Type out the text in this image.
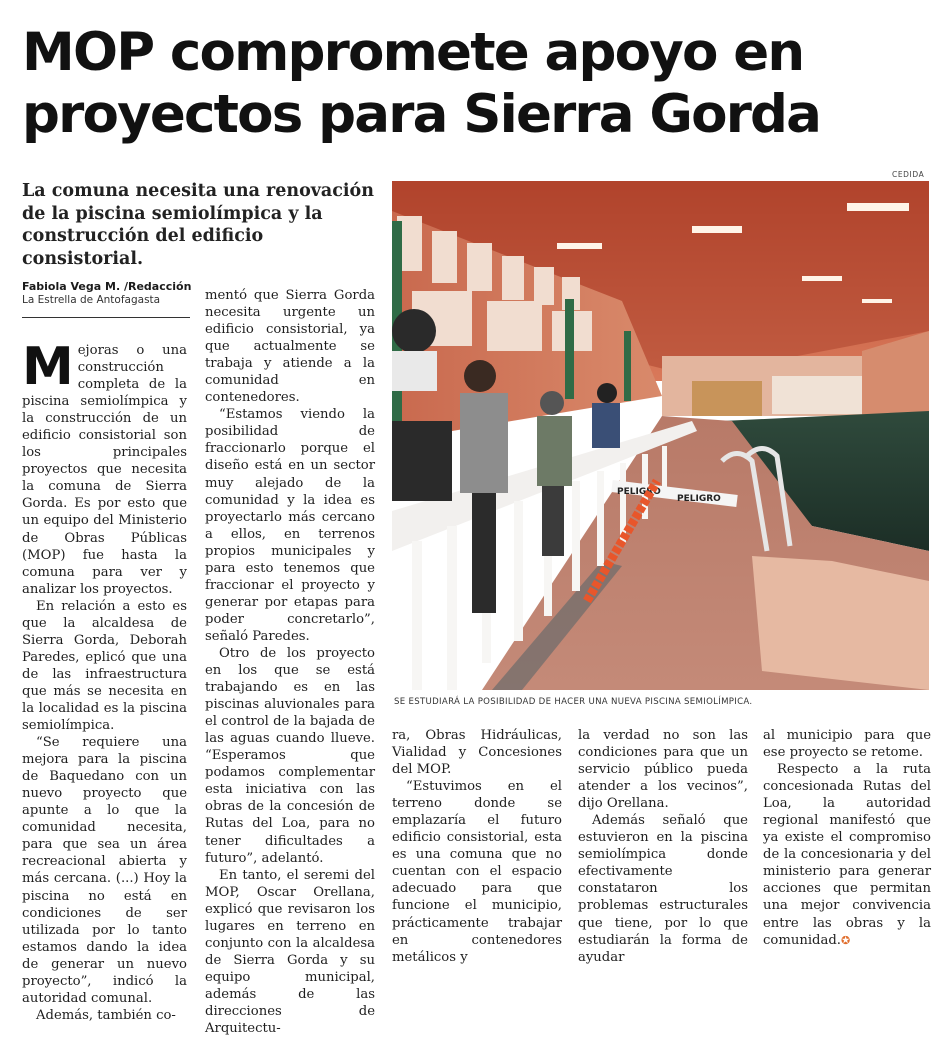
MOP compromete apoyo en
proyectos para Sierra Gorda
La comuna necesita una renovación de la piscina semiolímpica y la construcción del edificio consistorial.
Fabiola Vega M. /Redacción
La Estrella de Antofagasta

Mejoras o una construcción completa de la piscina semiolímpica y la construcción de un edificio consistorial son los principales proyectos que necesita la comuna de Sierra Gorda. Es por esto que un equipo del Ministerio de Obras Públicas (MOP) fue hasta la comuna para ver y analizar los proyectos.

En relación a esto es que la alcaldesa de Sierra Gorda, Deborah Paredes, eplicó que una de las infraestructura que más se necesita en la localidad es la piscina semiolímpica.

“Se requiere una mejora para la piscina de Baquedano con un nuevo proyecto que apunte a lo que la comunidad necesita, para que sea un área recreacional abierta y más cercana. (...) Hoy la piscina no está en condiciones de ser utilizada por lo tanto estamos dando la idea de generar un nuevo proyecto”, indicó la autoridad comunal.

Además, también co-

mentó que Sierra Gorda necesita urgente un edificio consistorial, ya que actualmente se trabaja y atiende a la comunidad en contenedores.

“Estamos viendo la posibilidad de fraccionarlo porque el diseño está en un sector muy alejado de la comunidad y la idea es proyectarlo más cercano a ellos, en terrenos propios municipales y para esto tenemos que fraccionar el proyecto y generar por etapas para poder concretarlo”, señaló Paredes.

Otro de los proyecto en los que se está trabajando es en las piscinas aluvionales para el control de la bajada de las aguas cuando llueve. “Esperamos que podamos complementar esta iniciativa con las obras de la concesión de Rutas del Loa, para no tener dificultades a futuro”, adelantó.

En tanto, el seremi del MOP, Oscar Orellana, explicó que revisaron los lugares en terreno en conjunto con la alcaldesa de Sierra Gorda y su equipo municipal, además de las direcciones de Arquitectu-

CEDIDA
PELIGRO
PELIGRO
SE ESTUDIARÁ LA POSIBILIDAD DE HACER UNA NUEVA PISCINA SEMIOLÍMPICA.

ra, Obras Hidráulicas, Vialidad y Concesiones del MOP.

“Estuvimos en el terreno donde se emplazaría el futuro edificio consistorial, esta es una comuna que no cuentan con el espacio adecuado para que funcione el municipio, prácticamente trabajar en contenedores metálicos y

la verdad no son las condiciones para que un servicio público pueda atender a los vecinos”, dijo Orellana.

Además señaló que estuvieron en la piscina semiolímpica donde efectivamente constataron los problemas estructurales que tiene, por lo que estudiarán la forma de ayudar

al municipio para que ese proyecto se retome.

Respecto a la ruta concesionada Rutas del Loa, la autoridad regional manifestó que ya existe el compromiso de la concesionaria y del ministerio para generar acciones que permitan una mejor convivencia entre las obras y la comunidad.✪
